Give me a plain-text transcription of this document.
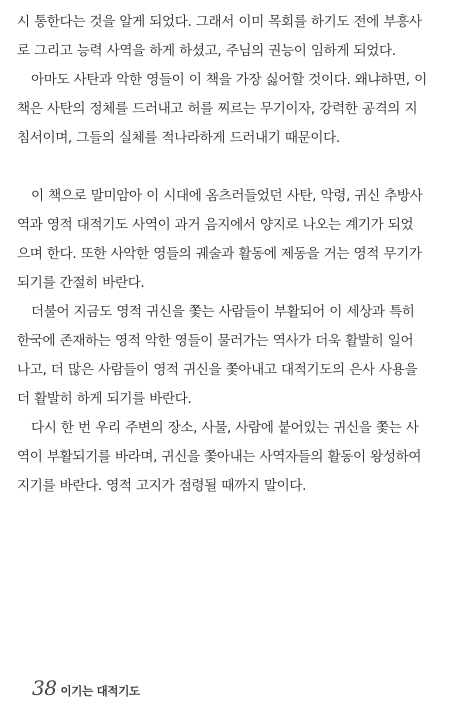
시 통한다는 것을 알게 되었다. 그래서 이미 목회를 하기도 전에 부흥사
로 그리고 능력 사역을 하게 하셨고, 주님의 권능이 임하게 되었다.
아마도 사탄과 악한 영들이 이 책을 가장 싫어할 것이다. 왜냐하면, 이
책은 사탄의 정체를 드러내고 허를 찌르는 무기이자, 강력한 공격의 지
침서이며, 그들의 실체를 적나라하게 드러내기 때문이다.
이 책으로 말미암아 이 시대에 옴츠러들었던 사탄, 악령, 귀신 추방사
역과 영적 대적기도 사역이 과거 음지에서 양지로 나오는 계기가 되었
으며 한다. 또한 사악한 영들의 궤술과 활동에 제동을 거는 영적 무기가
되기를 간절히 바란다.
더불어 지금도 영적 귀신을 쫓는 사람들이 부활되어 이 세상과 특히
한국에 존재하는 영적 악한 영들이 물러가는 역사가 더욱 활발히 일어
나고, 더 많은 사람들이 영적 귀신을 쫓아내고 대적기도의 은사 사용을
더 활발히 하게 되기를 바란다.
다시 한 번 우리 주변의 장소, 사물, 사람에 붙어있는 귀신을 쫓는 사
역이 부활되기를 바라며, 귀신을 쫓아내는 사역자들의 활동이 왕성하여
지기를 바란다. 영적 고지가 점령될 때까지 말이다.
38 이기는 대적기도
